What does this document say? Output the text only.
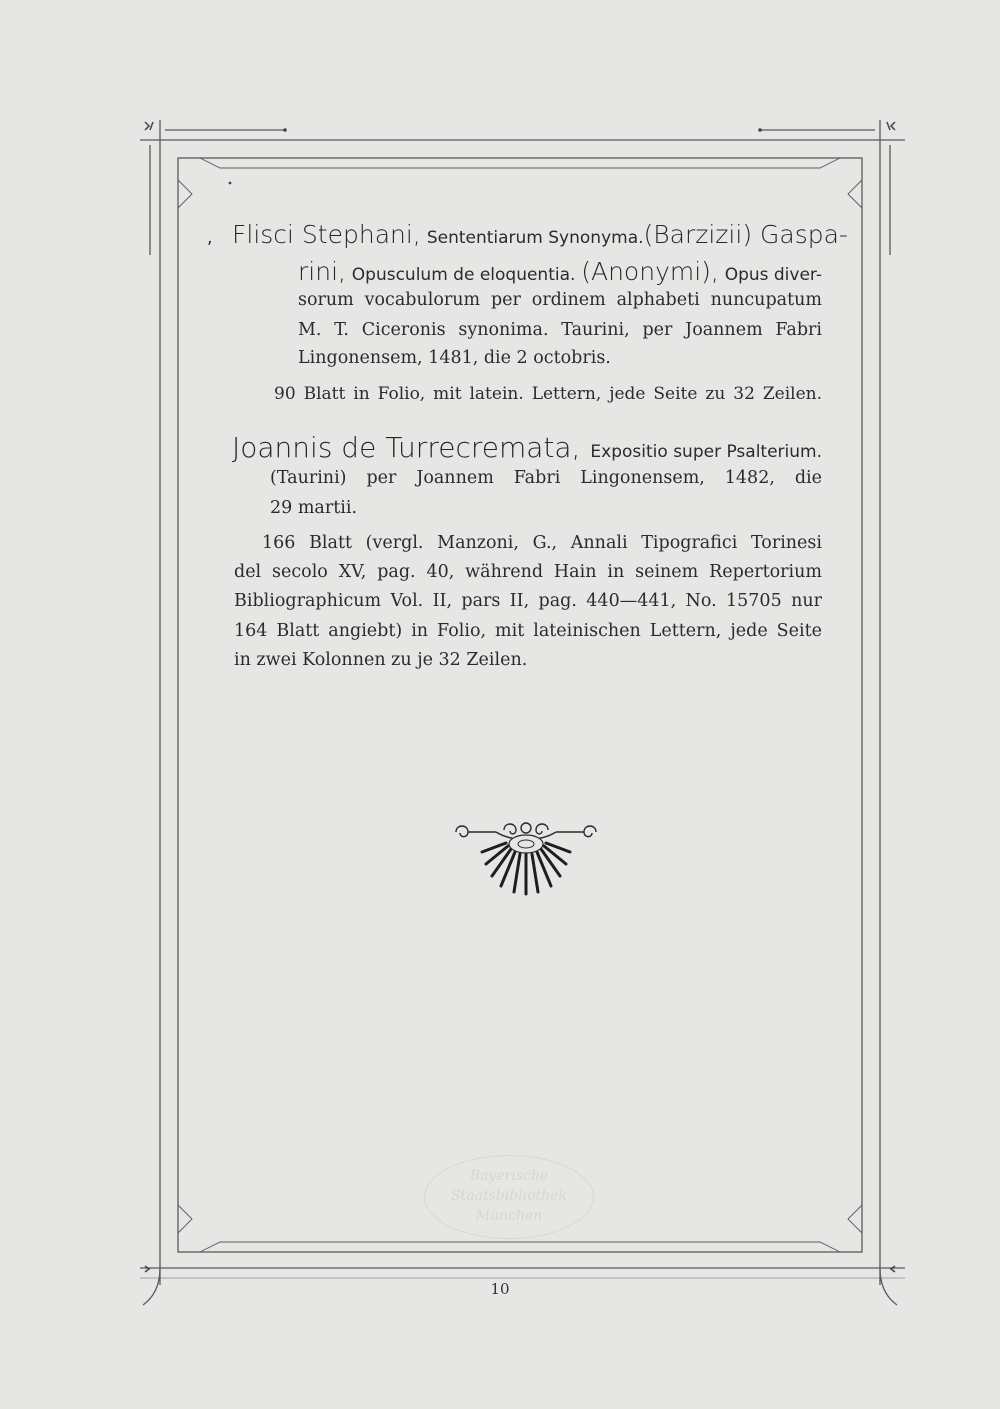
, Flisci Stephani, Sententiarum Synonyma. (Barzizii) Gaspa-
rini, Opusculum de eloquentia. (Anonymi), Opus diver-
sorum vocabulorum per ordinem alphabeti nuncupatum
M. T. Ciceronis synonima. Taurini, per Joannem Fabri
Lingonensem, 1481, die 2 octobris.
90 Blatt in Folio, mit latein. Lettern, jede Seite zu 32 Zeilen.
Joannis de Turrecremata, Expositio super Psalterium.
(Taurini) per Joannem Fabri Lingonensem, 1482, die
29 martii.
166 Blatt (vergl. Manzoni, G., Annali Tipografici Torinesi
del secolo XV, pag. 40, während Hain in seinem Repertorium
Bibliographicum Vol. II, pars II, pag. 440—441, No. 15705 nur
164 Blatt angiebt) in Folio, mit lateinischen Lettern, jede Seite
in zwei Kolonnen zu je 32 Zeilen.
Bayerische
Staatsbibliothek
München
10
